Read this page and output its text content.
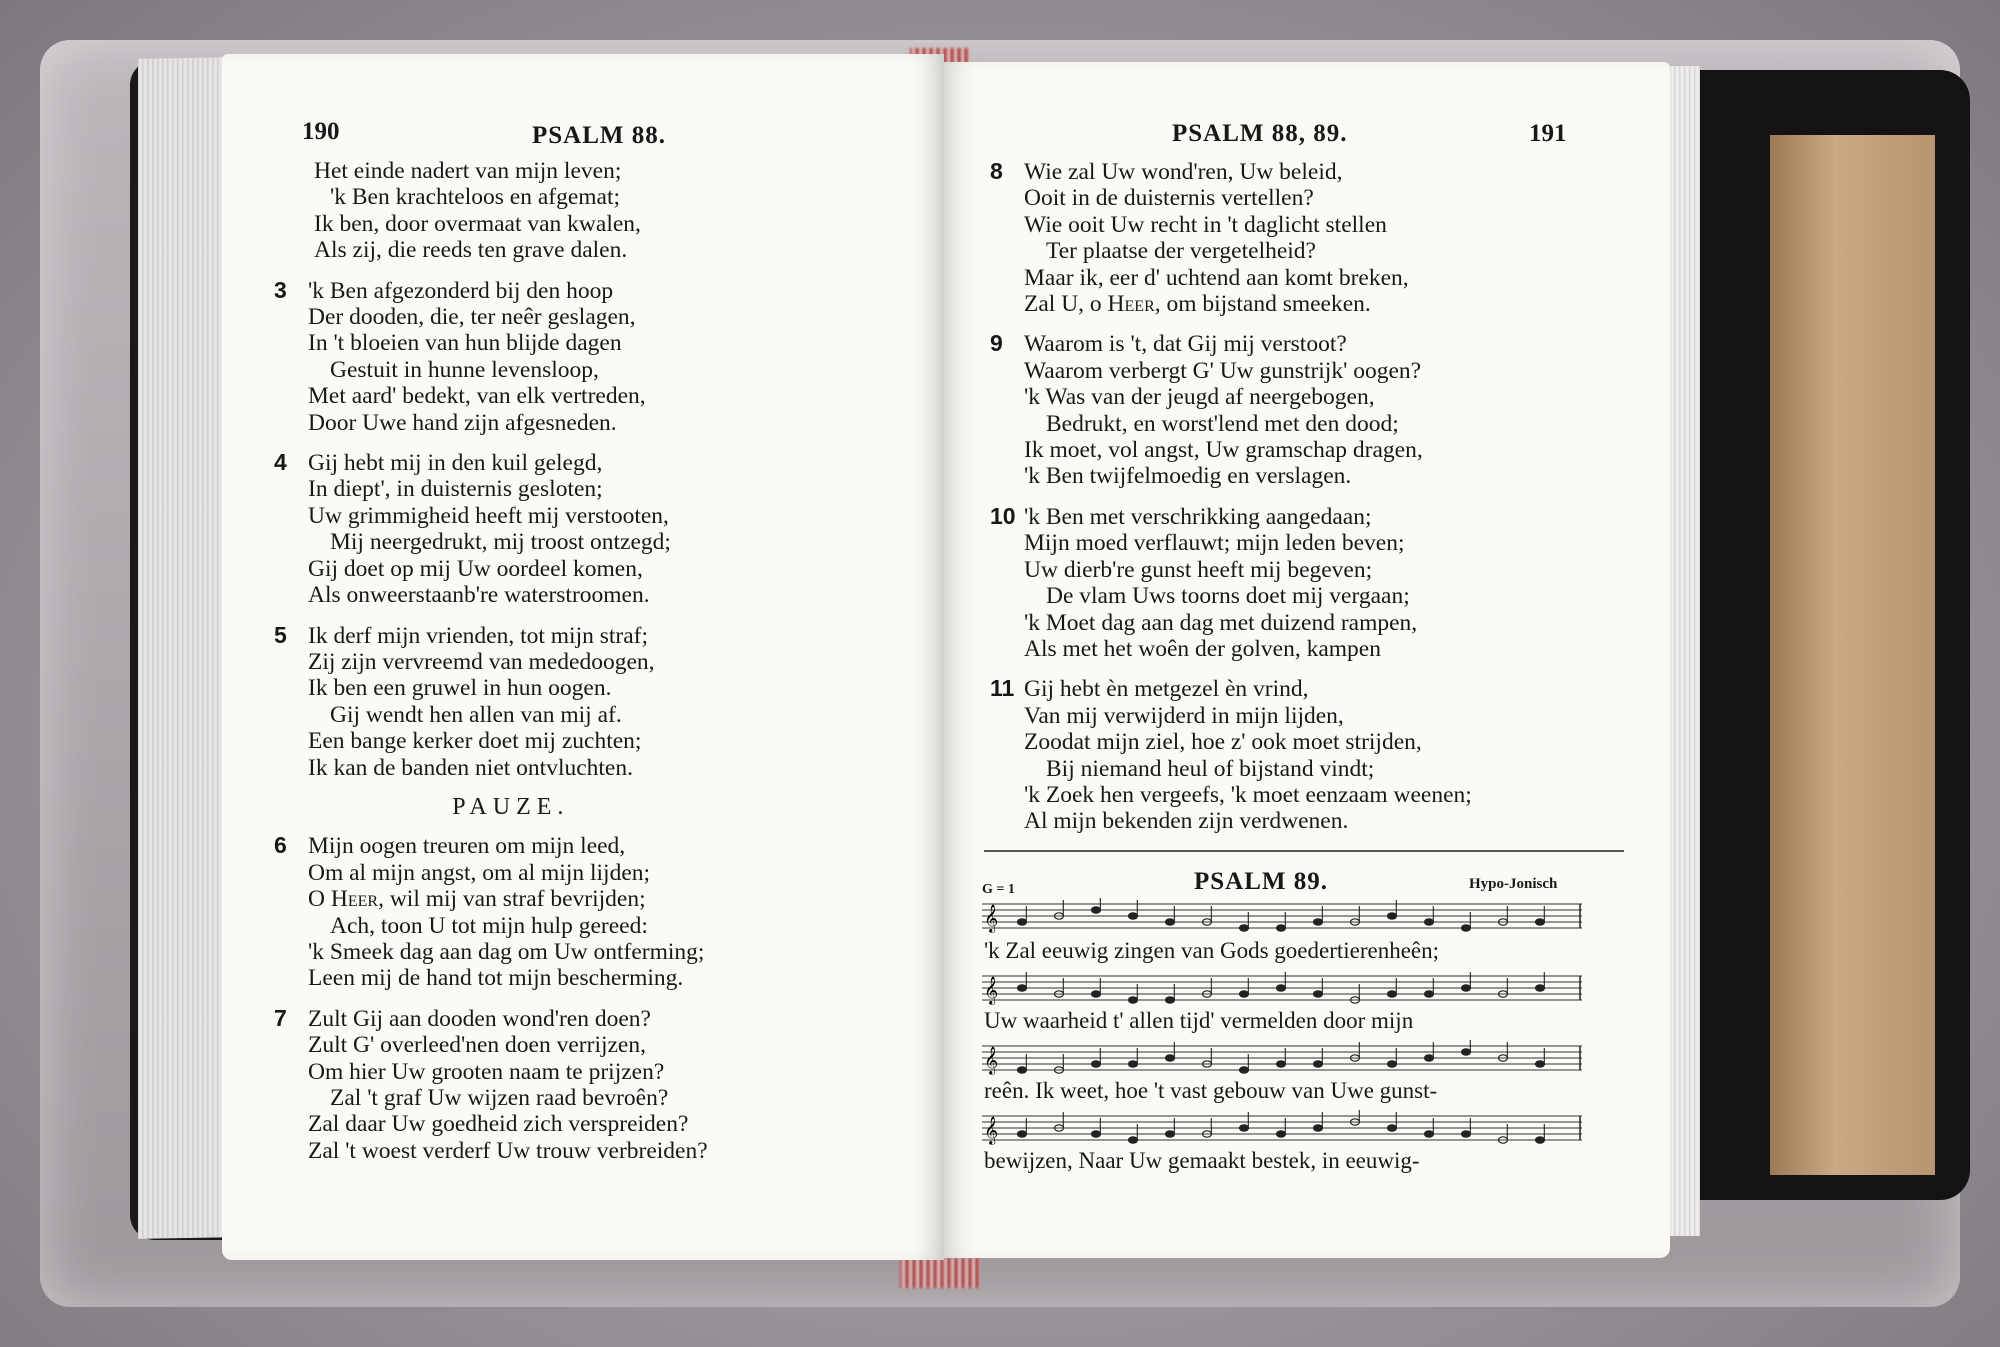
190	PSALM 88.
Het einde nadert van mijn leven;
'k Ben krachteloos en afgemat;
Ik ben, door overmaat van kwalen,
Als zij, die reeds ten grave dalen.
3 'k Ben afgezonderd bij den hoop
Der dooden, die, ter neêr geslagen,
In 't bloeien van hun blijde dagen
Gestuit in hunne levensloop,
Met aard' bedekt, van elk vertreden,
Door Uwe hand zijn afgesneden.
4 Gij hebt mij in den kuil gelegd,
In diept', in duisternis gesloten;
Uw grimmigheid heeft mij verstooten,
Mij neergedrukt, mij troost ontzegd;
Gij doet op mij Uw oordeel komen,
Als onweerstaanb're waterstroomen.
5 Ik derf mijn vrienden, tot mijn straf;
Zij zijn vervreemd van mededoogen,
Ik ben een gruwel in hun oogen.
Gij wendt hen allen van mij af.
Een bange kerker doet mij zuchten;
Ik kan de banden niet ontvluchten.
PAUZE.
6 Mijn oogen treuren om mijn leed,
Om al mijn angst, om al mijn lijden;
O Heer, wil mij van straf bevrijden;
Ach, toon U tot mijn hulp gereed:
'k Smeek dag aan dag om Uw ontferming;
Leen mij de hand tot mijn bescherming.
7 Zult Gij aan dooden wond'ren doen?
Zult G' overleed'nen doen verrijzen,
Om hier Uw grooten naam te prijzen?
Zal 't graf Uw wijzen raad bevroên?
Zal daar Uw goedheid zich verspreiden?
Zal 't woest verderf Uw trouw verbreiden?
PSALM 88, 89.	191
8 Wie zal Uw wond'ren, Uw beleid,
Ooit in de duisternis vertellen?
Wie ooit Uw recht in 't daglicht stellen
Ter plaatse der vergetelheid?
Maar ik, eer d' uchtend aan komt breken,
Zal U, o Heer, om bijstand smeeken.
9 Waarom is 't, dat Gij mij verstoot?
Waarom verbergt G' Uw gunstrijk' oogen?
'k Was van der jeugd af neergebogen,
Bedrukt, en worst'lend met den dood;
Ik moet, vol angst, Uw gramschap dragen,
'k Ben twijfelmoedig en verslagen.
10 'k Ben met verschrikking aangedaan;
Mijn moed verflauwt; mijn leden beven;
Uw dierb're gunst heeft mij begeven;
De vlam Uws toorns doet mij vergaan;
'k Moet dag aan dag met duizend rampen,
Als met het woên der golven, kampen
11 Gij hebt èn metgezel èn vrind,
Van mij verwijderd in mijn lijden,
Zoodat mijn ziel, hoe z' ook moet strijden,
Bij niemand heul of bijstand vindt;
'k Zoek hen vergeefs, 'k moet eenzaam weenen;
Al mijn bekenden zijn verdwenen.
G = 1	PSALM 89.	Hypo-Jonisch
𝄞
'k Zal eeuwig zingen van Gods goedertierenheên;
𝄞
Uw waarheid t' allen tijd' vermelden door mijn
𝄞
reên. Ik weet, hoe 't vast gebouw van Uwe gunst-
𝄞
bewijzen, Naar Uw gemaakt bestek, in eeuwig-
